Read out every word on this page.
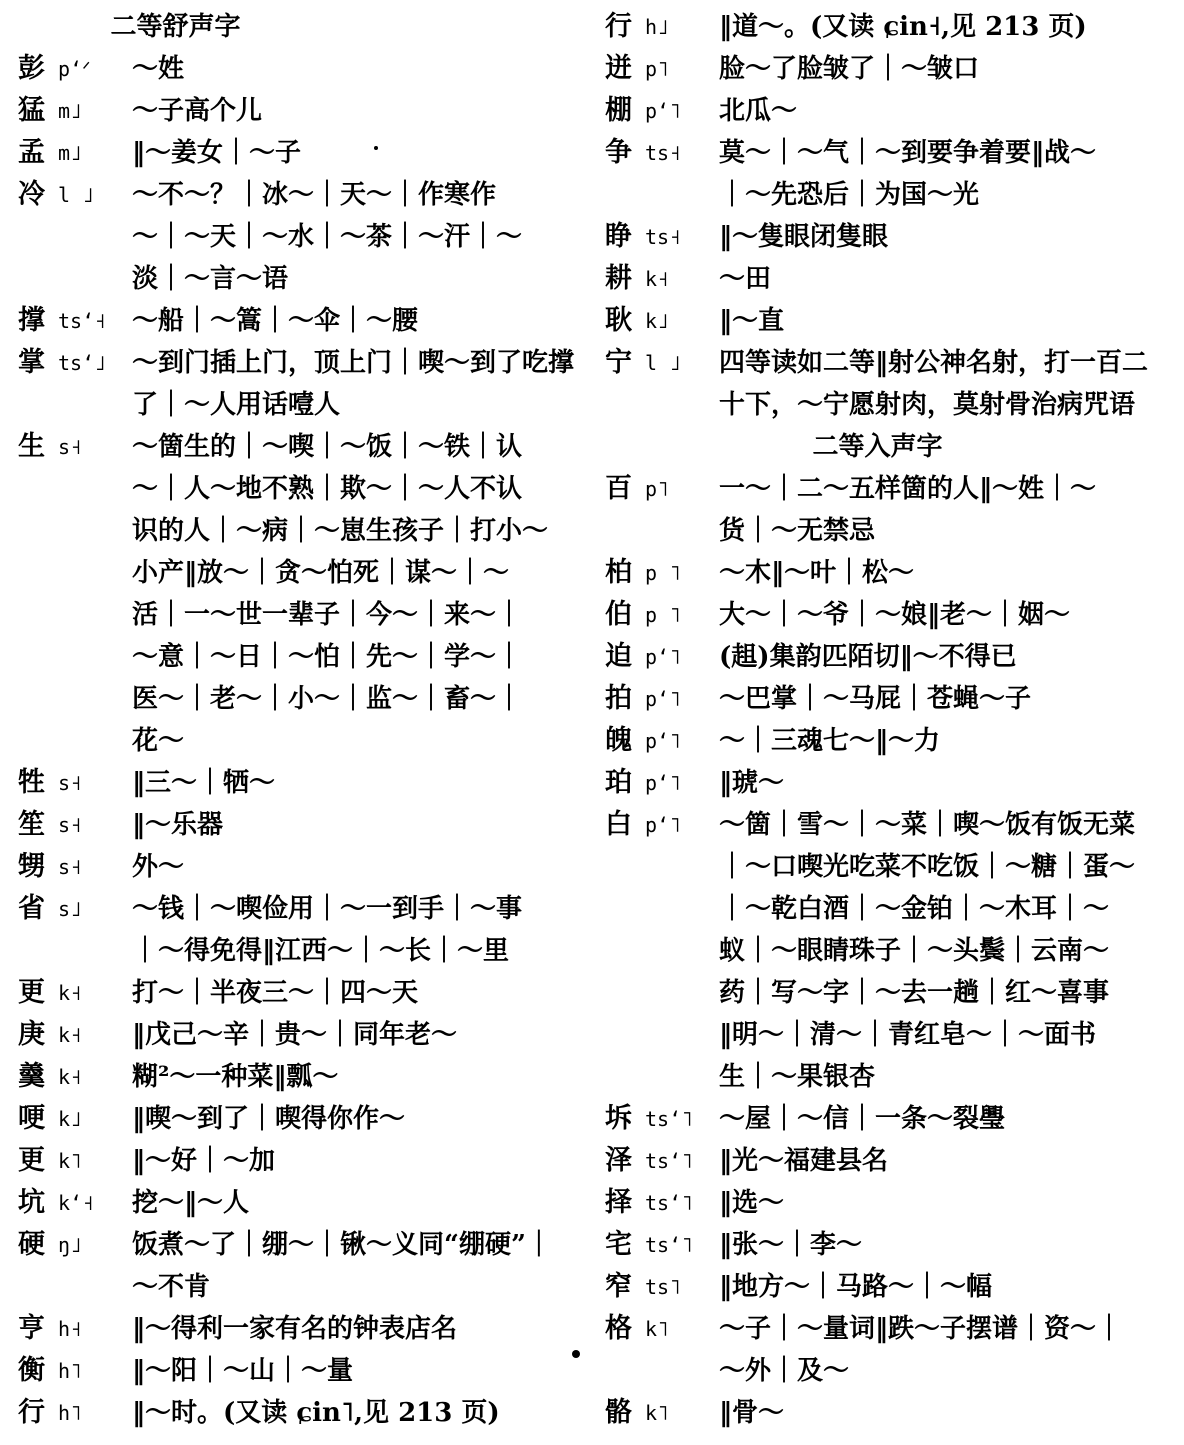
二等舒声字
彭 p‘ᐟ	～姓
猛 m˩	～子高个儿
孟 m˩	‖～姜女｜～子
冷 l ˩	～不～？｜冰～｜天～｜作寒作
～｜～天｜～水｜～茶｜～汗｜～
淡｜～言～语
撑 ts‘˧ ～船｜～篙｜～伞｜～腰
掌 ts‘˩ ～到门插上门，顶上门｜喫～到了吃撑
了｜～人用话噎人
生 s˧	～箇生的｜～喫｜～饭｜～铁｜认
～｜人～地不熟｜欺～｜～人不认
识的人｜～病｜～崽生孩子｜打小～
小产‖放～｜贪～怕死｜谋～｜～
活｜一～世一辈子｜今～｜来～｜
～意｜～日｜～怕｜先～｜学～｜
医～｜老～｜小～｜监～｜畜～｜
花～
牲 s˧	‖三～｜牺～
笙 s˧	‖～乐器
甥 s˧	外～
省 s˩	～钱｜～喫俭用｜～一到手｜～事
｜～得免得‖江西～｜～长｜～里
更 k˧	打～｜半夜三～｜四～天
庚 k˧	‖戊己～辛｜贵～｜同年老～
羹 k˧	糊²～一种菜‖瓢～
哽 k˩	‖喫～到了｜喫得你作～
更 k˥	‖～好｜～加
坑 k‘˧	挖～‖～人
硬 ŋ˩	饭煮～了｜绷～｜锹～义同“绷硬”｜
～不肯
亨 h˧	‖～得利一家有名的钟表店名
衡 h˥	‖～阳｜～山｜～量
行 h˥	‖～时。(又读 ɕin˥,见 213 页)
行 h˩	‖道～。(又读 ɕin˧,见 213 页)
迸 p˥	脸～了脸皱了｜～皱口
棚 p‘˥	北瓜～
争 ts˧	莫～｜～气｜～到要争着要‖战～
｜～先恐后｜为国～光
睁 ts˧	‖～隻眼闭隻眼
耕 k˧	～田
耿 k˩	‖～直
宁 l ˩	四等读如二等‖射公神名射，打一百二
十下，～宁愿射肉，莫射骨治病咒语
二等入声字
百 p˥	一～｜二～五样箇的人‖～姓｜～
货｜～无禁忌
柏 p ˥	～木‖～叶｜松～
伯 p ˥	大～｜～爷｜～娘‖老～｜姻～
迫 p‘˥	(趄)集韵匹陌切‖～不得已
拍 p‘˥	～巴掌｜～马屁｜苍蝇～子
魄 p‘˥	～｜三魂七～‖～力
珀 p‘˥	‖琥～
白 p‘˥	～箇｜雪～｜～菜｜喫～饭有饭无菜
｜～口喫光吃菜不吃饭｜～糖｜蛋～
｜～乾白酒｜～金铂｜～木耳｜～
蚁｜～眼睛珠子｜～头鬓｜云南～
药｜写～字｜～去一趟｜红～喜事
‖明～｜清～｜青红皂～｜～面书
生｜～果银杏
坼 ts‘˥ ～屋｜～信｜一条～裂璺
泽 ts‘˥ ‖光～福建县名
择 ts‘˥ ‖选～
宅 ts‘˥ ‖张～｜李～
窄 ts˥	‖地方～｜马路～｜～幅
格 k˥	～子｜～量词‖跌～子摆谱｜资～｜
～外｜及～
骼 k˥	‖骨～
